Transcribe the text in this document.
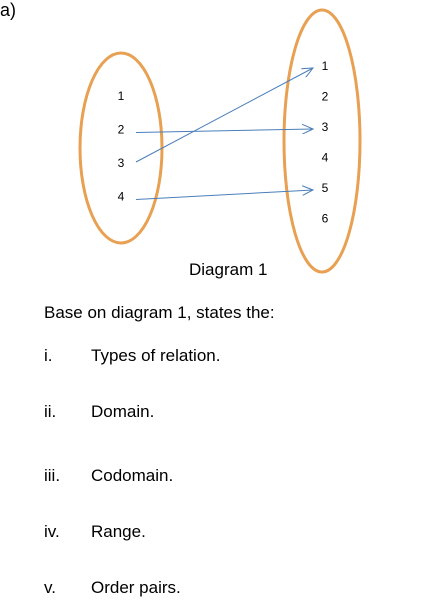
a)
1
2
3
4
1
2
3
4
5
6
Diagram 1
Base on diagram 1, states the:
i. Types of relation.
ii. Domain.
iii. Codomain.
iv. Range.
v. Order pairs.
